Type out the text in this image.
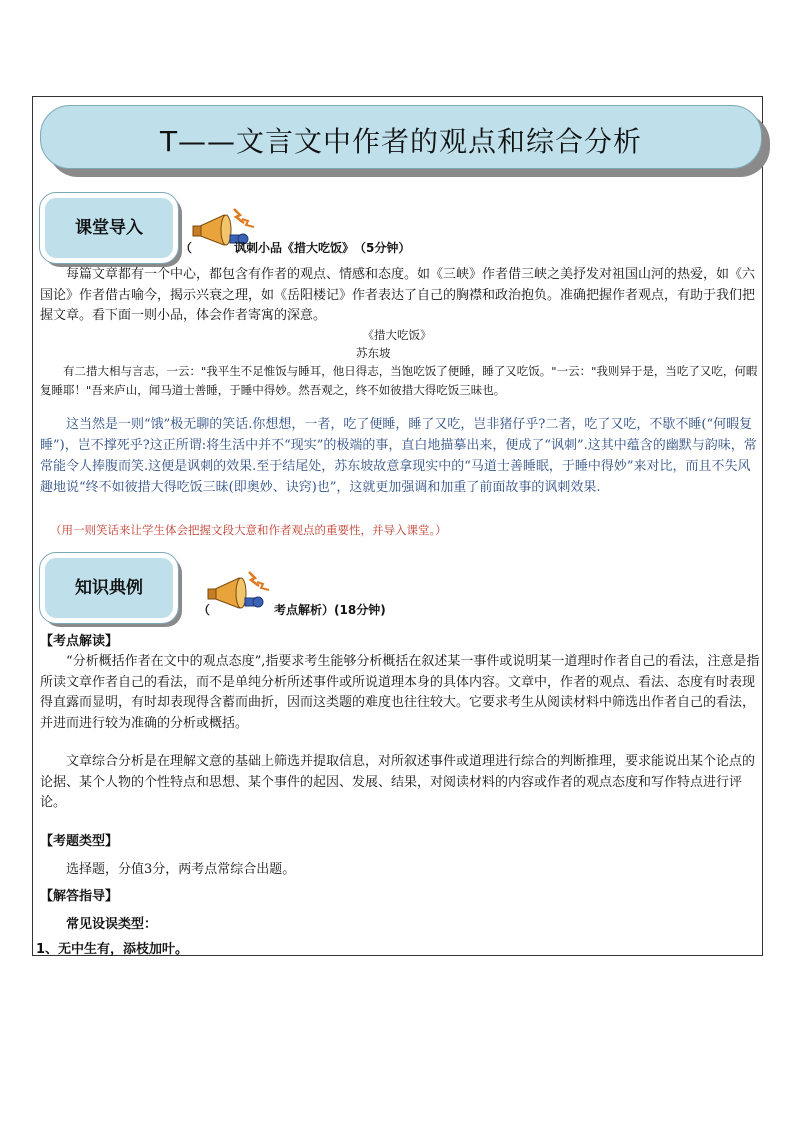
T——文言文中作者的观点和综合分析
课堂导入
（	讽刺小品《措大吃饭》　（5分钟）

每篇文章都有一个中心，都包含有作者的观点、情感和态度。如《三峡》作者借三峡之美抒发对祖国山河的热爱，如《六国论》作者借古喻今，揭示兴衰之理，如《岳阳楼记》作者表达了自己的胸襟和政治抱负。准确把握作者观点，有助于我们把握文章。看下面一则小品，体会作者寄寓的深意。

《措大吃饭》
苏东坡

有二措大相与言志，一云："我平生不足惟饭与睡耳，他日得志，当饱吃饭了便睡，睡了又吃饭。"一云："我则异于是，当吃了又吃，何暇复睡耶！"吾来庐山，闻马道士善睡，于睡中得妙。然吾观之，终不如彼措大得吃饭三昧也。

这当然是一则“饿”极无聊的笑话.你想想，一者，吃了便睡，睡了又吃，岂非猪仔乎?二者，吃了又吃，不歇不睡(“何暇复睡”)，岂不撑死乎?这正所谓:将生活中并不“现实”的极端的事，直白地描摹出来，便成了“讽刺”.这其中蕴含的幽默与韵味，常常能令人捧腹而笑.这便是讽刺的效果.至于结尾处，苏东坡故意拿现实中的“马道士善睡眠，于睡中得妙”来对比，而且不失风趣地说“终不如彼措大得吃饭三昧(即奥妙、诀窍)也”，这就更加强调和加重了前面故事的讽刺效果.

（用一则笑话来让学生体会把握文段大意和作者观点的重要性，并导入课堂。）

知识典例
（	考点解析）(18分钟)
【考点解读】

“分析概括作者在文中的观点态度”,指要求考生能够分析概括在叙述某一事件或说明某一道理时作者自己的看法，注意是指所读文章作者自己的看法，而不是单纯分析所述事件或所说道理本身的具体内容。文章中，作者的观点、看法、态度有时表现得直露而显明，有时却表现得含蓄而曲折，因而这类题的难度也往往较大。它要求考生从阅读材料中筛选出作者自己的看法，并进而进行较为准确的分析或概括。

文章综合分析是在理解文意的基础上筛选并提取信息，对所叙述事件或道理进行综合的判断推理，要求能说出某个论点的论据、某个人物的个性特点和思想、某个事件的起因、发展、结果，对阅读材料的内容或作者的观点态度和写作特点进行评论。

【考题类型】
选择题，分值3分，两考点常综合出题。
【解答指导】
常见设误类型：
1、无中生有，添枝加叶。
